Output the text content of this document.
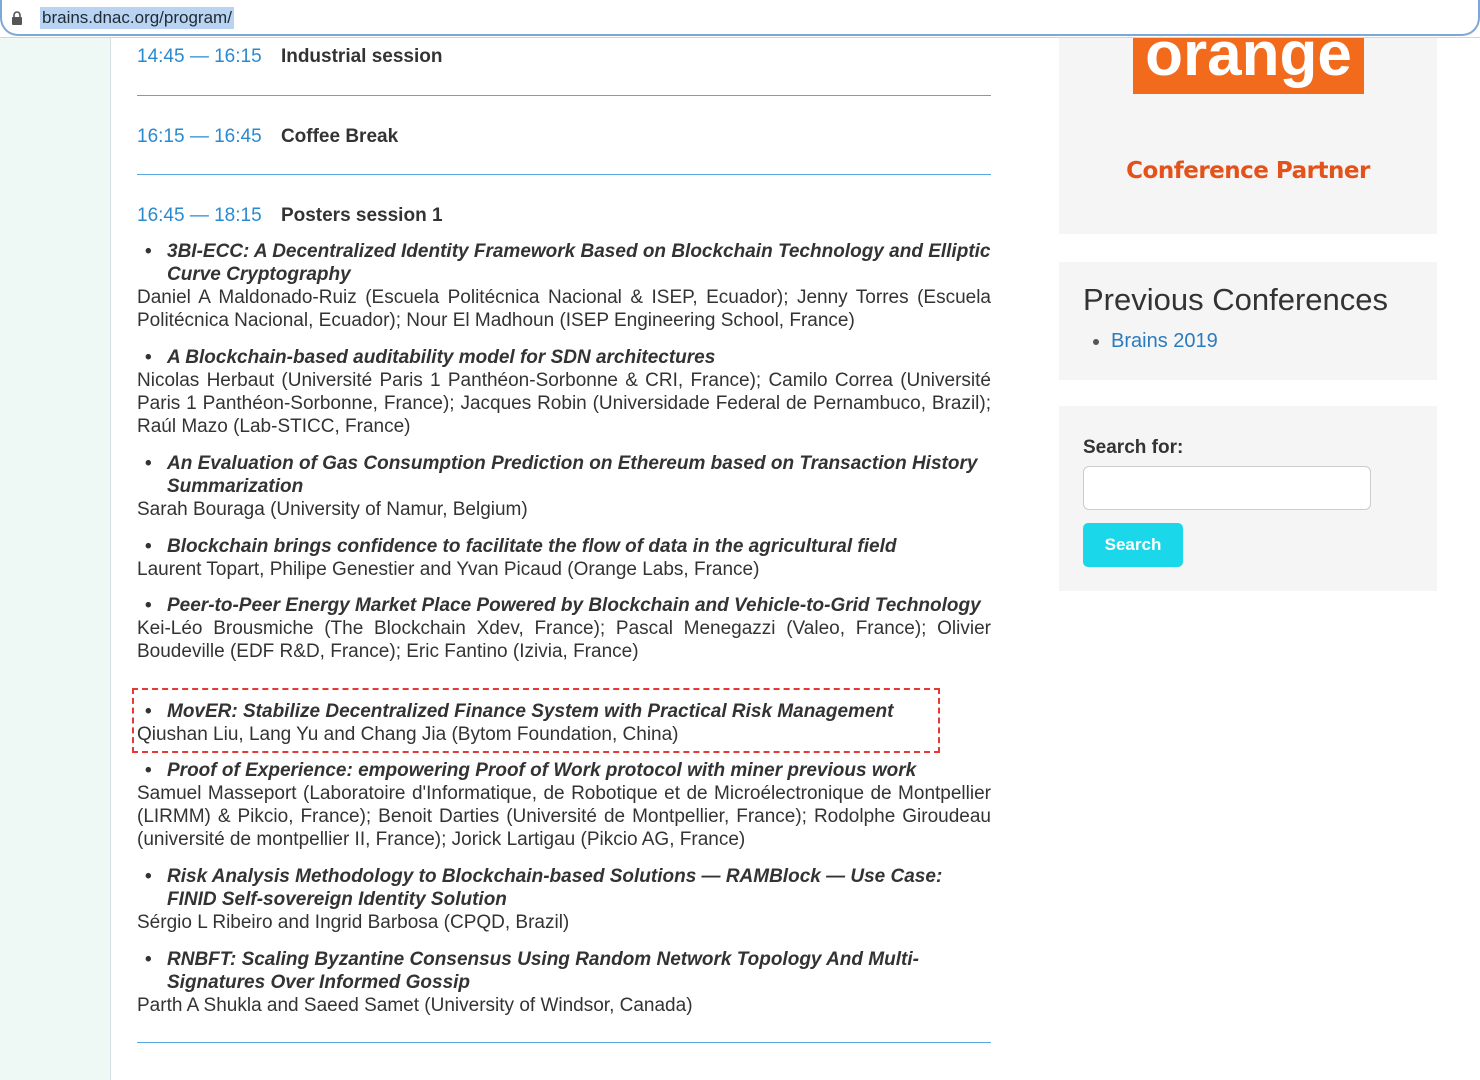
brains.dnac.org/program/
14:45 — 16:15 Industrial session
16:15 — 16:45 Coffee Break
16:45 — 18:15 Posters session 1
• 3BI-ECC: A Decentralized Identity Framework Based on Blockchain Technology and Elliptic Curve Cryptography
Daniel A Maldonado-Ruiz (Escuela Politécnica Nacional & ISEP, Ecuador); Jenny Torres (Escuela Politécnica Nacional, Ecuador); Nour El Madhoun (ISEP Engineering School, France)
• A Blockchain-based auditability model for SDN architectures
Nicolas Herbaut (Université Paris 1 Panthéon-Sorbonne & CRI, France); Camilo Correa (Université Paris 1 Panthéon-Sorbonne, France); Jacques Robin (Universidade Federal de Pernambuco, Brazil); Raúl Mazo (Lab-STICC, France)
• An Evaluation of Gas Consumption Prediction on Ethereum based on Transaction History Summarization
Sarah Bouraga (University of Namur, Belgium)
• Blockchain brings confidence to facilitate the flow of data in the agricultural field
Laurent Topart, Philipe Genestier and Yvan Picaud (Orange Labs, France)
• Peer-to-Peer Energy Market Place Powered by Blockchain and Vehicle-to-Grid Technology
Kei-Léo Brousmiche (The Blockchain Xdev, France); Pascal Menegazzi (Valeo, France); Olivier Boudeville (EDF R&D, France); Eric Fantino (Izivia, France)
• MovER: Stabilize Decentralized Finance System with Practical Risk Management
Qiushan Liu, Lang Yu and Chang Jia (Bytom Foundation, China)
• Proof of Experience: empowering Proof of Work protocol with miner previous work
Samuel Masseport (Laboratoire d'Informatique, de Robotique et de Microélectronique de Montpellier (LIRMM) & Pikcio, France); Benoit Darties (Université de Montpellier, France); Rodolphe Giroudeau (université de montpellier II, France); Jorick Lartigau (Pikcio AG, France)
• Risk Analysis Methodology to Blockchain-based Solutions — RAMBlock — Use Case: FINID Self-sovereign Identity Solution
Sérgio L Ribeiro and Ingrid Barbosa (CPQD, Brazil)
• RNBFT: Scaling Byzantine Consensus Using Random Network Topology And Multi-Signatures Over Informed Gossip
Parth A Shukla and Saeed Samet (University of Windsor, Canada)
orange
Conference Partner
Previous Conferences
• Brains 2019
Search for:
Search
